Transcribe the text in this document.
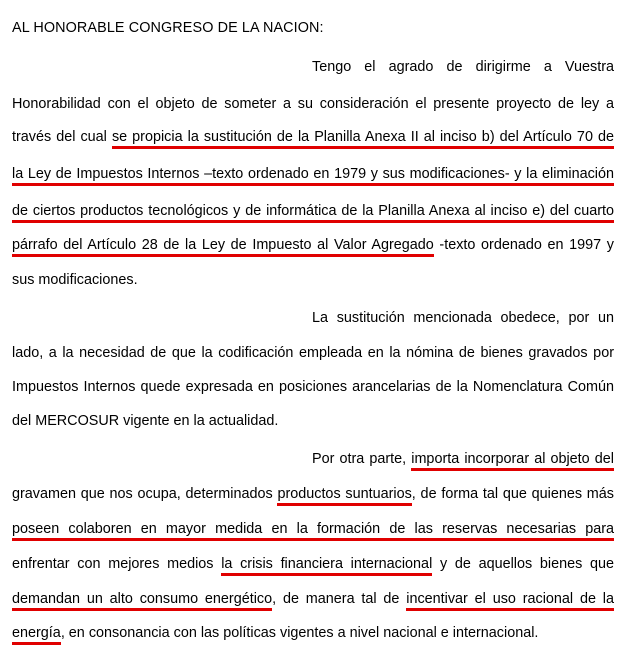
AL HONORABLE CONGRESO DE LA NACION:
Tengo el agrado de dirigirme a Vuestra
Honorabilidad con el objeto de someter a su consideración el presente proyecto de ley a
través del cual se propicia la sustitución de la Planilla Anexa II al inciso b) del Artículo 70 de
la Ley de Impuestos Internos –texto ordenado en 1979 y sus modificaciones- y la eliminación
de ciertos productos tecnológicos y de informática de la Planilla Anexa al inciso e) del cuarto
párrafo del Artículo 28 de la Ley de Impuesto al Valor Agregado -texto ordenado en 1997 y
sus modificaciones.
La sustitución mencionada obedece, por un
lado, a la necesidad de que la codificación empleada en la nómina de bienes gravados por
Impuestos Internos quede expresada en posiciones arancelarias de la Nomenclatura Común
del MERCOSUR vigente en la actualidad.
Por otra parte, importa incorporar al objeto del
gravamen que nos ocupa, determinados productos suntuarios, de forma tal que quienes más
poseen colaboren en mayor medida en la formación de las reservas necesarias para
enfrentar con mejores medios la crisis financiera internacional y de aquellos bienes que
demandan un alto consumo energético, de manera tal de incentivar el uso racional de la
energía, en consonancia con las políticas vigentes a nivel nacional e internacional.
